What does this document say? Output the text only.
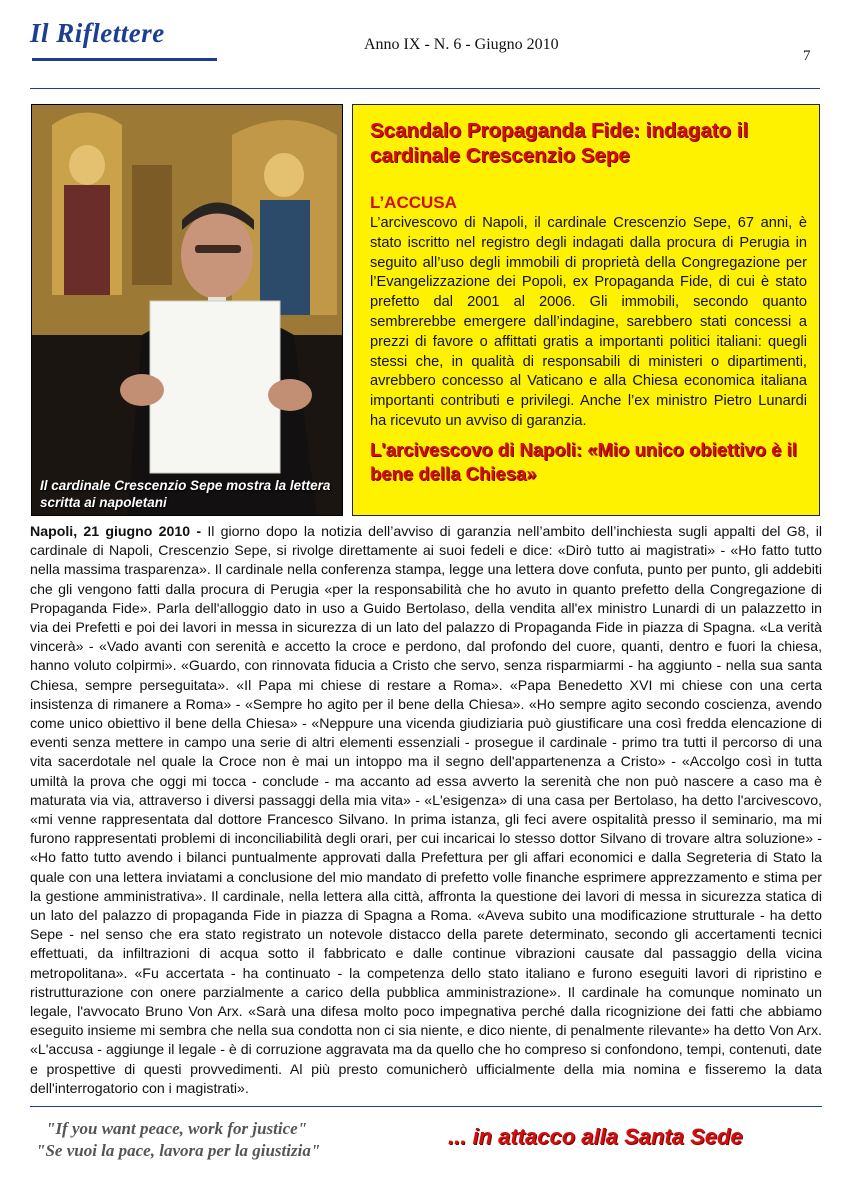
Il Riflettere	Anno IX - N. 6 - Giugno 2010
7
Il cardinale Crescenzio Sepe mostra la lettera scritta ai napoletani
Scandalo Propaganda Fide: indagato il cardinale Crescenzio Sepe
L’ACCUSA
L’arcivescovo di Napoli, il cardinale Crescenzio Sepe, 67 anni, è stato iscritto nel registro degli indagati dalla procura di Perugia in seguito all’uso degli immobili di proprietà della Congregazione per l’Evangelizzazione dei Popoli, ex Propaganda Fide, di cui è stato prefetto dal 2001 al 2006. Gli immobili, secondo quanto sembrerebbe emergere dall’indagine, sarebbero stati concessi a prezzi di favore o affittati gratis a importanti politici italiani: quegli stessi che, in qualità di responsabili di ministeri o dipartimenti, avrebbero concesso al Vaticano e alla Chiesa economica italiana importanti contributi e privilegi. Anche l’ex ministro Pietro Lunardi ha ricevuto un avviso di garanzia.
L'arcivescovo di Napoli: «Mio unico obiettivo è il bene della Chiesa»
Napoli, 21 giugno 2010 - Il giorno dopo la notizia dell’avviso di garanzia nell’ambito dell’inchiesta sugli appalti del G8, il cardinale di Napoli, Crescenzio Sepe, si rivolge direttamente ai suoi fedeli e dice: «Dirò tutto ai magistrati» - «Ho fatto tutto nella massima trasparenza». Il cardinale nella conferenza stampa, legge una lettera dove confuta, punto per punto, gli addebiti che gli vengono fatti dalla procura di Perugia «per la responsabilità che ho avuto in quanto prefetto della Congregazione di Propaganda Fide». Parla dell'alloggio dato in uso a Guido Bertolaso, della vendita all'ex ministro Lunardi di un palazzetto in via dei Prefetti e poi dei lavori in messa in sicurezza di un lato del palazzo di Propaganda Fide in piazza di Spagna. «La verità vincerà» - «Vado avanti con serenità e accetto la croce e perdono, dal profondo del cuore, quanti, dentro e fuori la chiesa, hanno voluto colpirmi». «Guardo, con rinnovata fiducia a Cristo che servo, senza risparmiarmi - ha aggiunto - nella sua santa Chiesa, sempre perseguitata». «Il Papa mi chiese di restare a Roma». «Papa Benedetto XVI mi chiese con una certa insistenza di rimanere a Roma» - «Sempre ho agito per il bene della Chiesa». «Ho sempre agito secondo coscienza, avendo come unico obiettivo il bene della Chiesa» - «Neppure una vicenda giudiziaria può giustificare una così fredda elencazione di eventi senza mettere in campo una serie di altri elementi essenziali - prosegue il cardinale - primo tra tutti il percorso di una vita sacerdotale nel quale la Croce non è mai un intoppo ma il segno dell'appartenenza a Cristo» - «Accolgo così in tutta umiltà la prova che oggi mi tocca - conclude - ma accanto ad essa avverto la serenità che non può nascere a caso ma è maturata via via, attraverso i diversi passaggi della mia vita» - «L'esigenza» di una casa per Bertolaso, ha detto l'arcivescovo, «mi venne rappresentata dal dottore Francesco Silvano. In prima istanza, gli feci avere ospitalità presso il seminario, ma mi furono rappresentati problemi di inconciliabilità degli orari, per cui incaricai lo stesso dottor Silvano di trovare altra soluzione» - «Ho fatto tutto avendo i bilanci puntualmente approvati dalla Prefettura per gli affari economici e dalla Segreteria di Stato la quale con una lettera inviatami a conclusione del mio mandato di prefetto volle finanche esprimere apprezzamento e stima per la gestione amministrativa». Il cardinale, nella lettera alla città, affronta la questione dei lavori di messa in sicurezza statica di un lato del palazzo di propaganda Fide in piazza di Spagna a Roma. «Aveva subito una modificazione strutturale - ha detto Sepe - nel senso che era stato registrato un notevole distacco della parete determinato, secondo gli accertamenti tecnici effettuati, da infiltrazioni di acqua sotto il fabbricato e dalle continue vibrazioni causate dal passaggio della vicina metropolitana». «Fu accertata - ha continuato - la competenza dello stato italiano e furono eseguiti lavori di ripristino e ristrutturazione con onere parzialmente a carico della pubblica amministrazione». Il cardinale ha comunque nominato un legale, l'avvocato Bruno Von Arx. «Sarà una difesa molto poco impegnativa perché dalla ricognizione dei fatti che abbiamo eseguito insieme mi sembra che nella sua condotta non ci sia niente, e dico niente, di penalmente rilevante» ha detto Von Arx. «L'accusa - aggiunge il legale - è di corruzione aggravata ma da quello che ho compreso si confondono, tempi, contenuti, date e prospettive di questi provvedimenti. Al più presto comunicherò ufficialmente della mia nomina e fisseremo la data dell'interrogatorio con i magistrati».
"If you want peace, work for justice"
"Se vuoi la pace, lavora per la giustizia"
... in attacco alla Santa Sede
